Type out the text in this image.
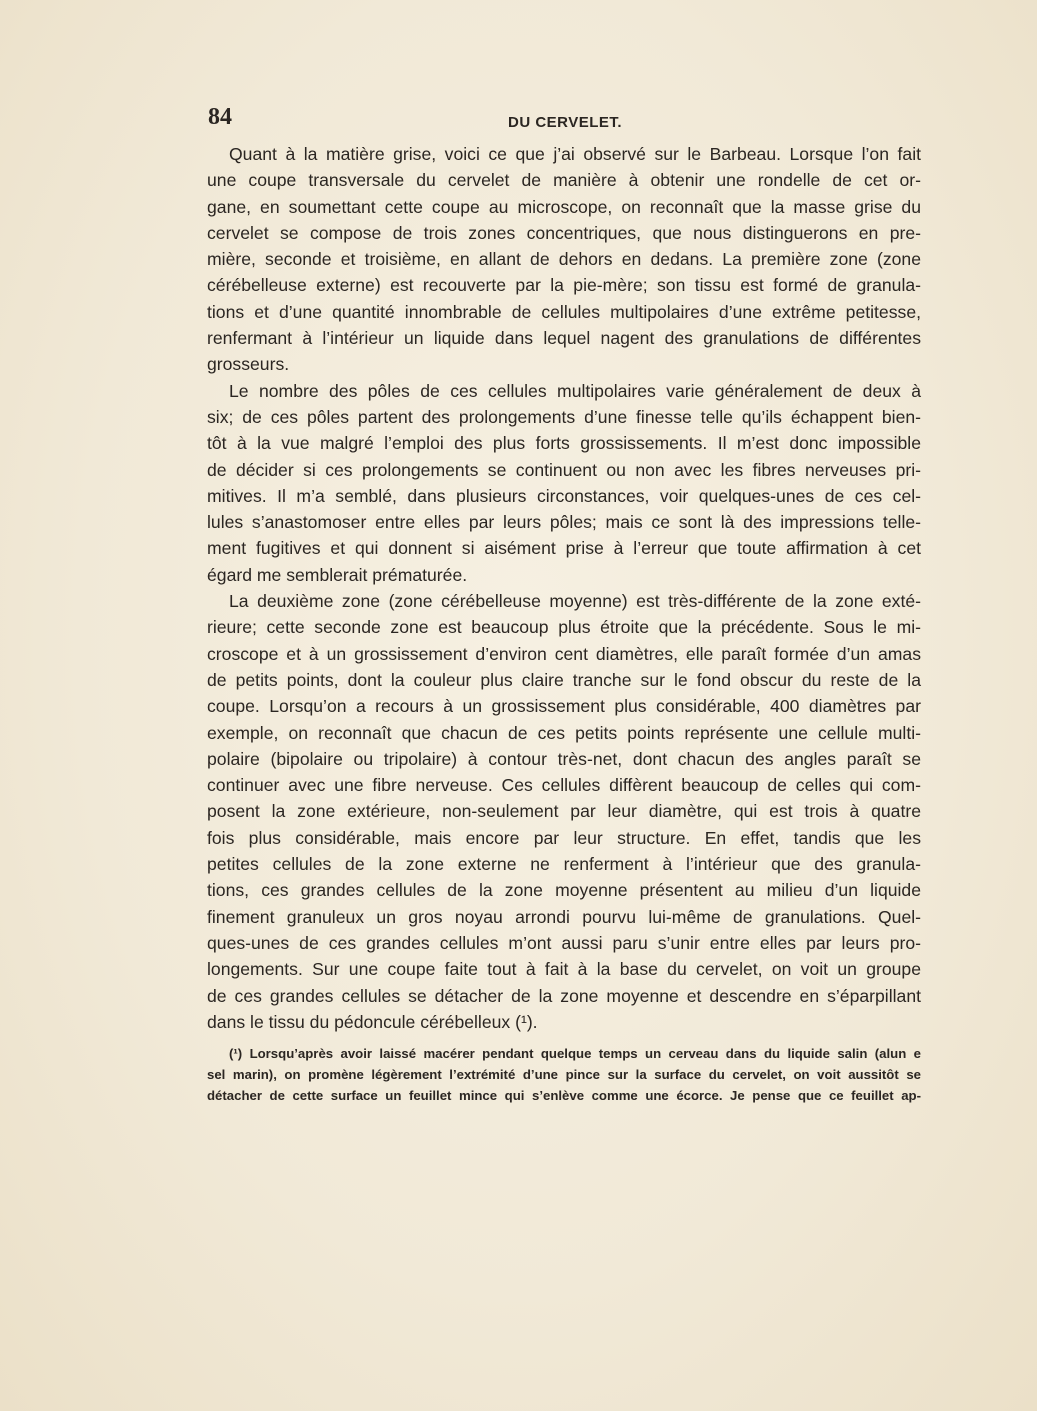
84	DU CERVELET.
Quant à la matière grise, voici ce que j’ai observé sur le Barbeau. Lorsque l’on fait
une coupe transversale du cervelet de manière à obtenir une rondelle de cet or-
gane, en soumettant cette coupe au microscope, on reconnaît que la masse grise du
cervelet se compose de trois zones concentriques, que nous distinguerons en pre-
mière, seconde et troisième, en allant de dehors en dedans. La première zone (zone
cérébelleuse externe) est recouverte par la pie-mère; son tissu est formé de granula-
tions et d’une quantité innombrable de cellules multipolaires d’une extrême petitesse,
renfermant à l’intérieur un liquide dans lequel nagent des granulations de différentes
grosseurs.
Le nombre des pôles de ces cellules multipolaires varie généralement de deux à
six; de ces pôles partent des prolongements d’une finesse telle qu’ils échappent bien-
tôt à la vue malgré l’emploi des plus forts grossissements. Il m’est donc impossible
de décider si ces prolongements se continuent ou non avec les fibres nerveuses pri-
mitives. Il m’a semblé, dans plusieurs circonstances, voir quelques-unes de ces cel-
lules s’anastomoser entre elles par leurs pôles; mais ce sont là des impressions telle-
ment fugitives et qui donnent si aisément prise à l’erreur que toute affirmation à cet
égard me semblerait prématurée.
La deuxième zone (zone cérébelleuse moyenne) est très-différente de la zone exté-
rieure; cette seconde zone est beaucoup plus étroite que la précédente. Sous le mi-
croscope et à un grossissement d’environ cent diamètres, elle paraît formée d’un amas
de petits points, dont la couleur plus claire tranche sur le fond obscur du reste de la
coupe. Lorsqu’on a recours à un grossissement plus considérable, 400 diamètres par
exemple, on reconnaît que chacun de ces petits points représente une cellule multi-
polaire (bipolaire ou tripolaire) à contour très-net, dont chacun des angles paraît se
continuer avec une fibre nerveuse. Ces cellules diffèrent beaucoup de celles qui com-
posent la zone extérieure, non-seulement par leur diamètre, qui est trois à quatre
fois plus considérable, mais encore par leur structure. En effet, tandis que les
petites cellules de la zone externe ne renferment à l’intérieur que des granula-
tions, ces grandes cellules de la zone moyenne présentent au milieu d’un liquide
finement granuleux un gros noyau arrondi pourvu lui-même de granulations. Quel-
ques-unes de ces grandes cellules m’ont aussi paru s’unir entre elles par leurs pro-
longements. Sur une coupe faite tout à fait à la base du cervelet, on voit un groupe
de ces grandes cellules se détacher de la zone moyenne et descendre en s’éparpillant
dans le tissu du pédoncule cérébelleux (¹).
(¹) Lorsqu’après avoir laissé macérer pendant quelque temps un cerveau dans du liquide salin (alun e
sel marin), on promène légèrement l’extrémité d’une pince sur la surface du cervelet, on voit aussitôt se
détacher de cette surface un feuillet mince qui s’enlève comme une écorce. Je pense que ce feuillet ap-
